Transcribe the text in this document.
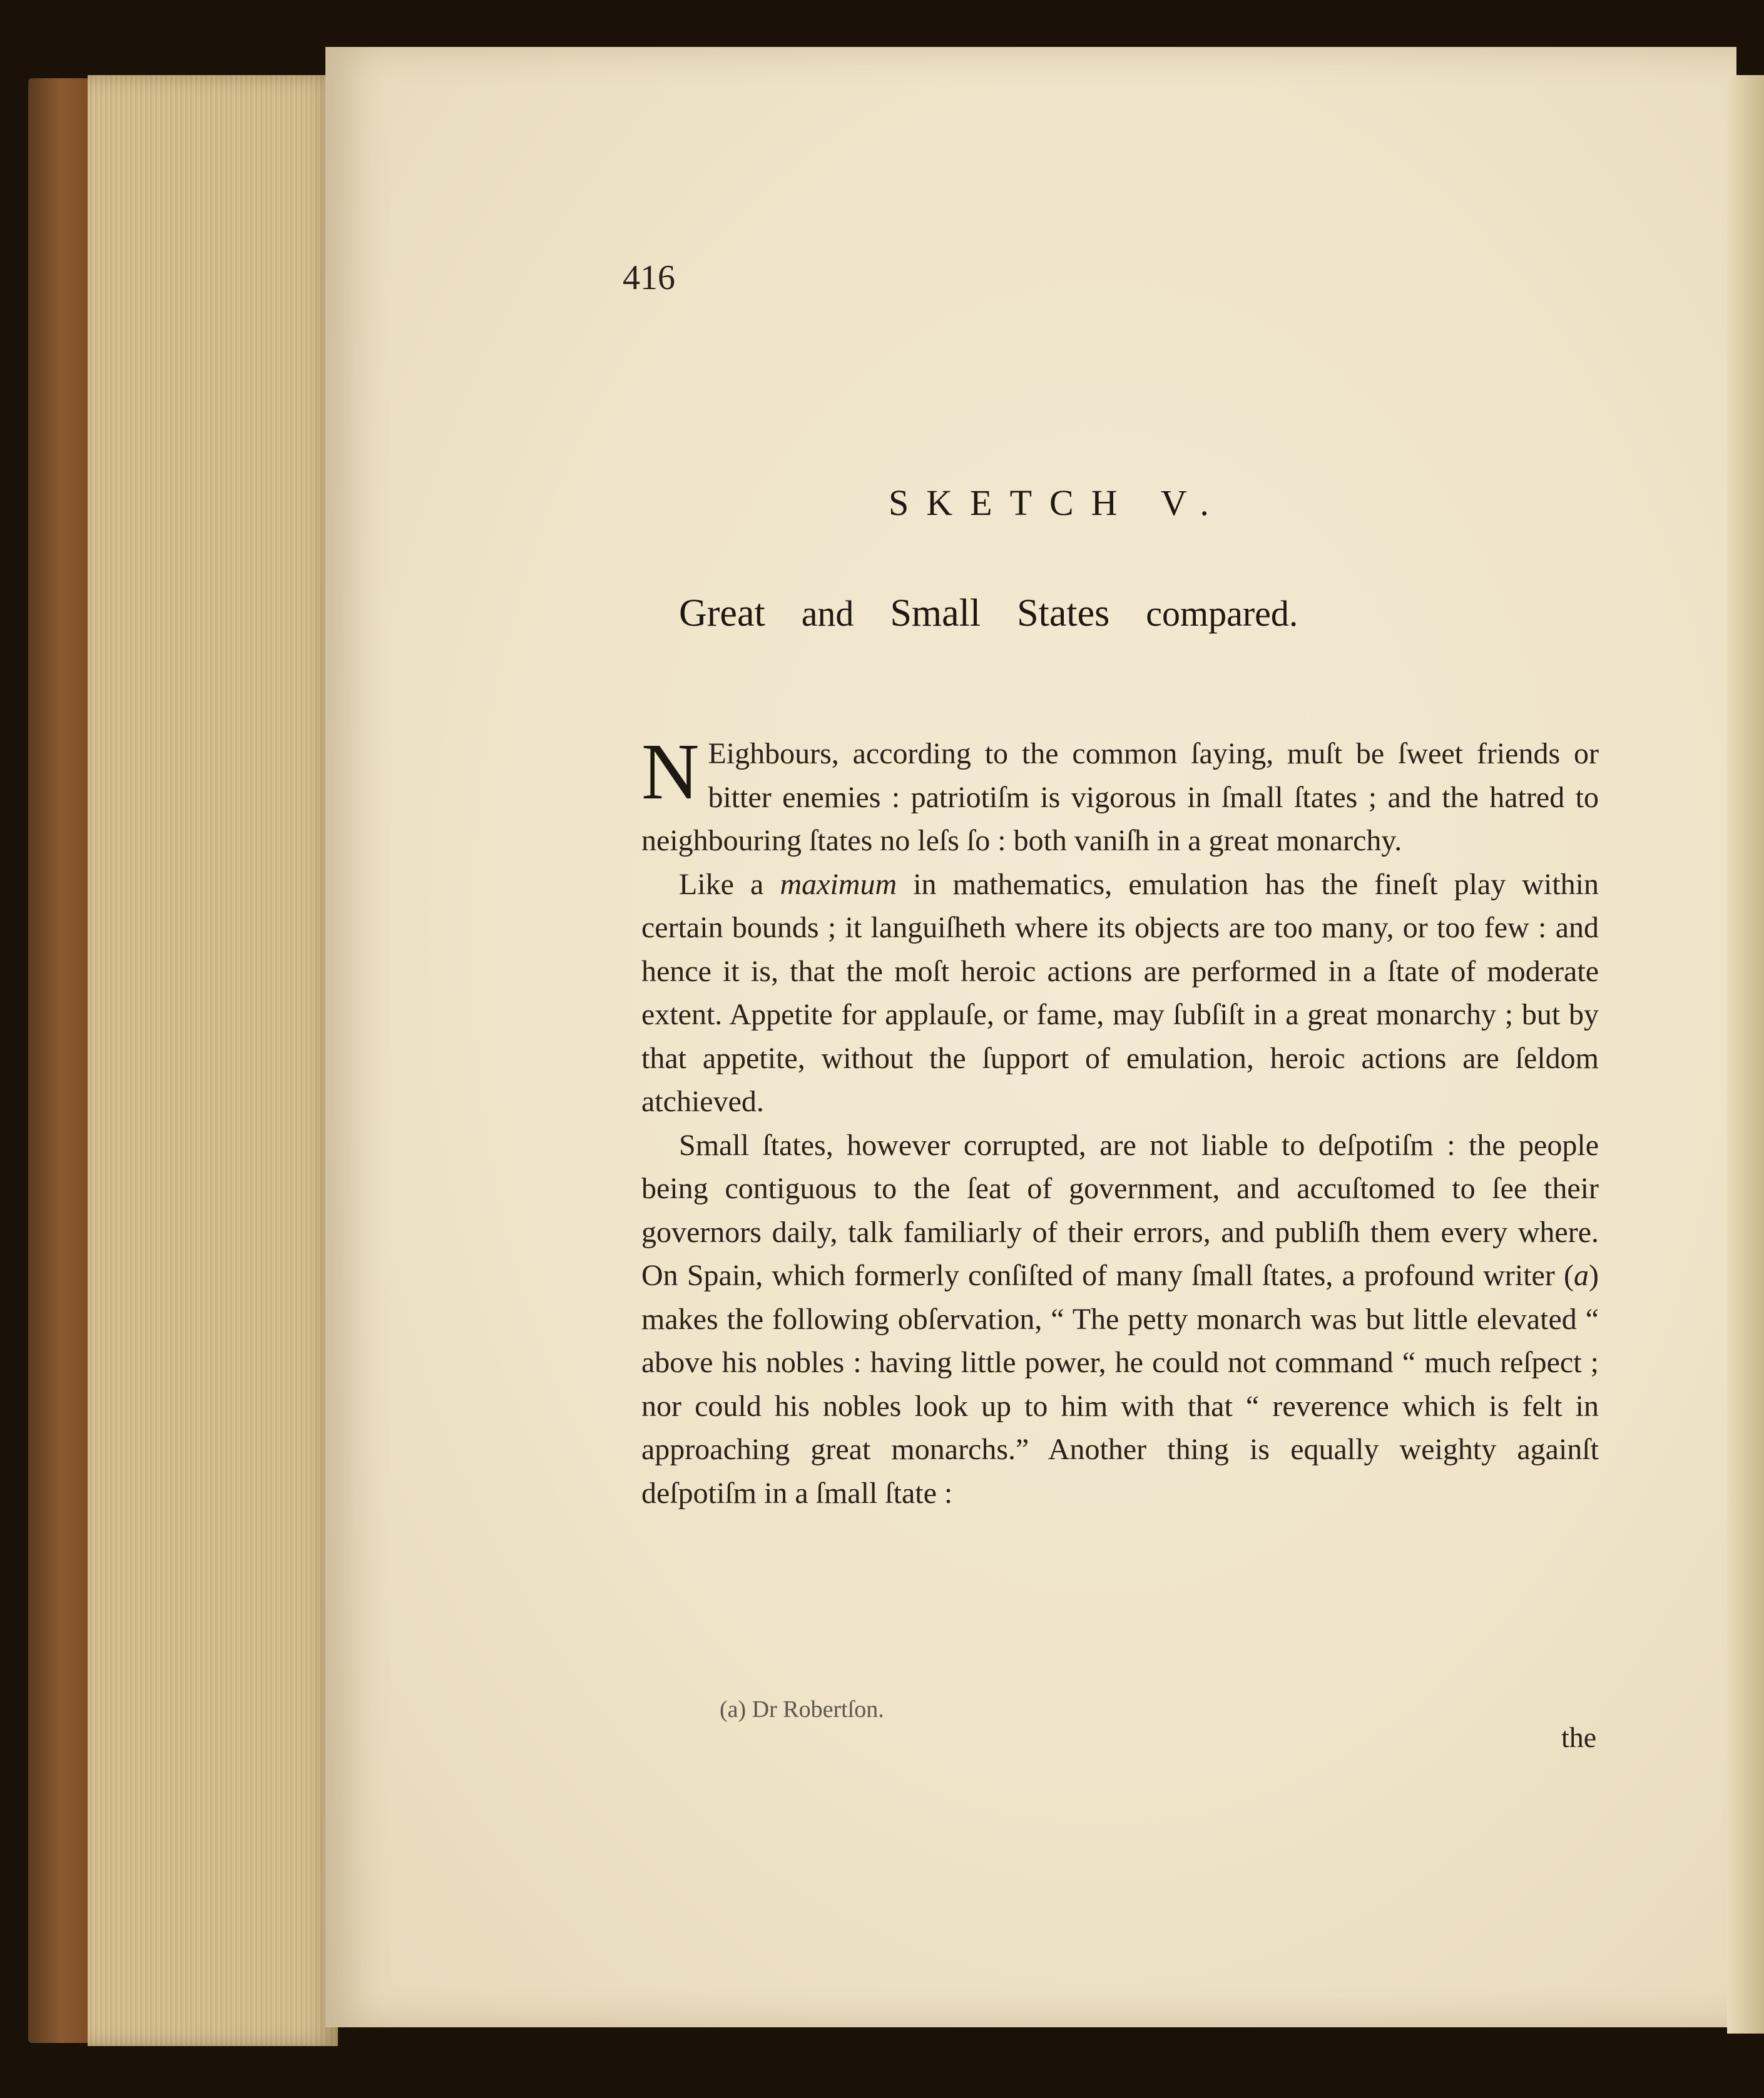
416
SKETCH V.
Great and Small States compared.

N Eighbours, according to the common ſaying, muſt be ſweet friends or bitter enemies : patriotiſm is vigorous in ſmall ſtates ; and the hatred to neighbouring ſtates no leſs ſo : both vaniſh in a great monarchy.

Like a maximum in mathematics, emulation has the fineſt play within certain bounds ; it languiſheth where its objects are too many, or too few : and hence it is, that the moſt heroic actions are performed in a ſtate of moderate extent. Appetite for applauſe, or fame, may ſubſiſt in a great monarchy ; but by that appetite, without the ſupport of emulation, heroic actions are ſeldom atchieved.

Small ſtates, however corrupted, are not liable to deſpotiſm : the people being contiguous to the ſeat of government, and accuſtomed to ſee their governors daily, talk familiarly of their errors, and publiſh them every where. On Spain, which formerly conſiſted of many ſmall ſtates, a profound writer (a) makes the following obſervation, “ The petty monarch was but little elevated “ above his nobles : having little power, he could not command “ much reſpect ; nor could his nobles look up to him with that “ reverence which is felt in approaching great monarchs.” Another thing is equally weighty againſt deſpotiſm in a ſmall ſtate :

(a) Dr Robertſon.
the
